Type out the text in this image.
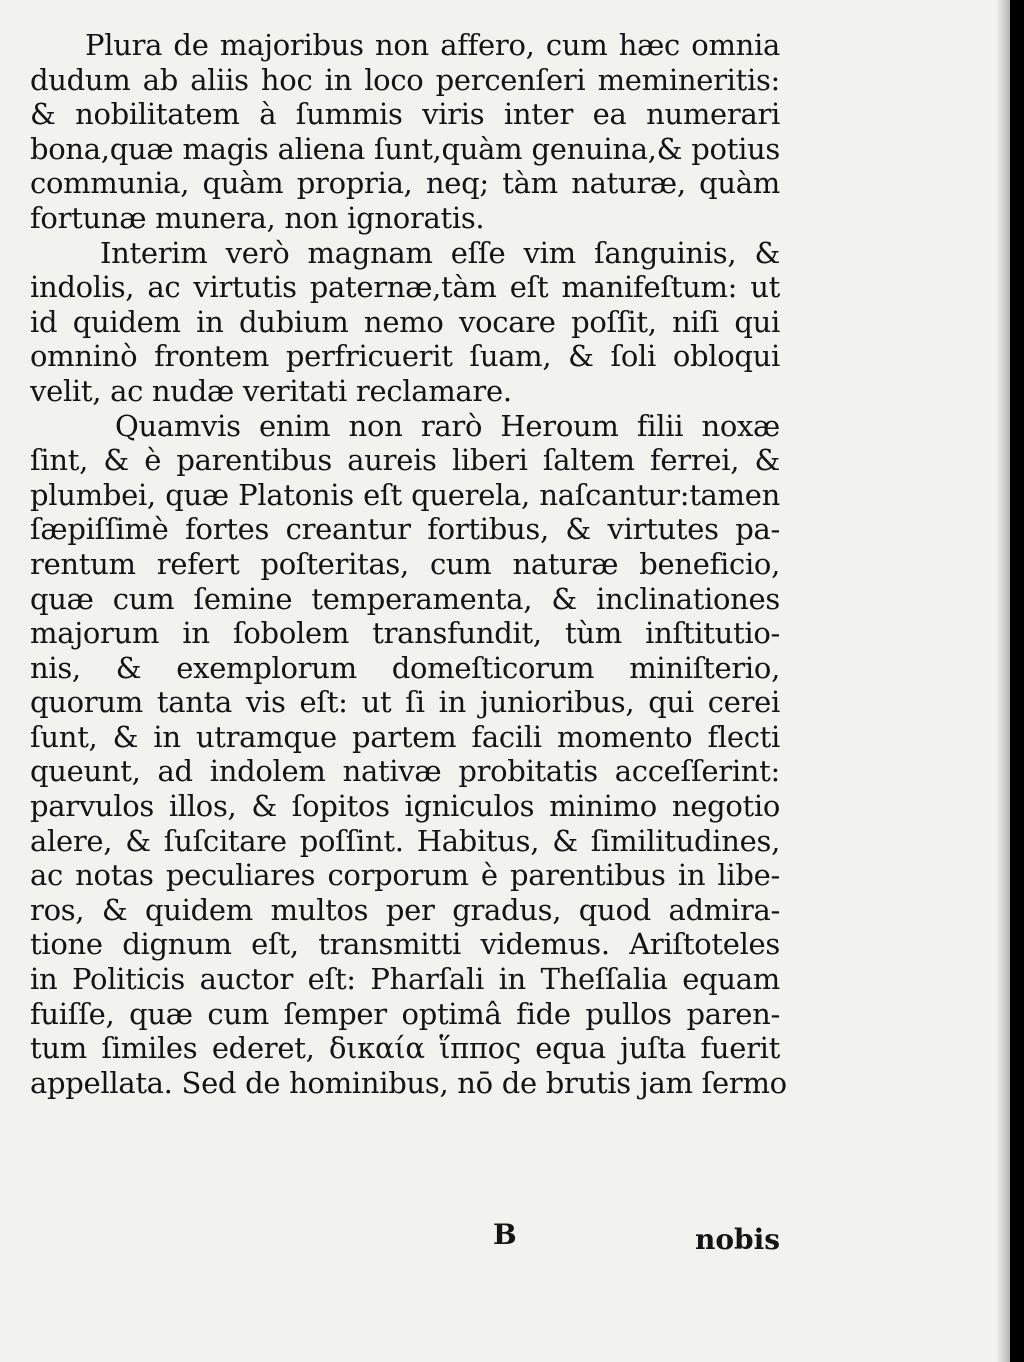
Plura de majoribus non affero, cum hæc omnia
dudum ab aliis hoc in loco percenſeri memineritis:
& nobilitatem à ſummis viris inter ea numerari
bona,quæ magis aliena ſunt,quàm genuina,& potius
communia, quàm propria, neq; tàm naturæ, quàm
fortunæ munera, non ignoratis.
Interim verò magnam eſſe vim ſanguinis, &
indolis, ac virtutis paternæ,tàm eſt manifeſtum: ut
id quidem in dubium nemo vocare poſſit, niſi qui
omninò frontem perfricuerit ſuam, & ſoli obloqui
velit, ac nudæ veritati reclamare.
Quamvis enim non rarò Heroum filii noxæ
ſint, & è parentibus aureis liberi ſaltem ferrei, &
plumbei, quæ Platonis eſt querela, naſcantur:tamen
ſæpiſſimè fortes creantur fortibus, & virtutes pa-
rentum refert poſteritas, cum naturæ beneficio,
quæ cum ſemine temperamenta, & inclinationes
majorum in ſobolem transfundit, tùm inſtitutio-
nis, & exemplorum domeſticorum miniſterio,
quorum tanta vis eſt: ut ſi in junioribus, qui cerei
ſunt, & in utramque partem facili momento flecti
queunt, ad indolem nativæ probitatis acceſſerint:
parvulos illos, & ſopitos igniculos minimo negotio
alere, & ſuſcitare poſſint. Habitus, & ſimilitudines,
ac notas peculiares corporum è parentibus in libe-
ros, & quidem multos per gradus, quod admira-
tione dignum eſt, transmitti videmus. Ariſtoteles
in Politicis auctor eſt: Pharſali in Theſſalia equam
fuiſſe, quæ cum ſemper optimâ fide pullos paren-
tum ſimiles ederet, δικαία ἵππος equa juſta fuerit
appellata. Sed de hominibus, nō de brutis jam ſermo
B	nobis
